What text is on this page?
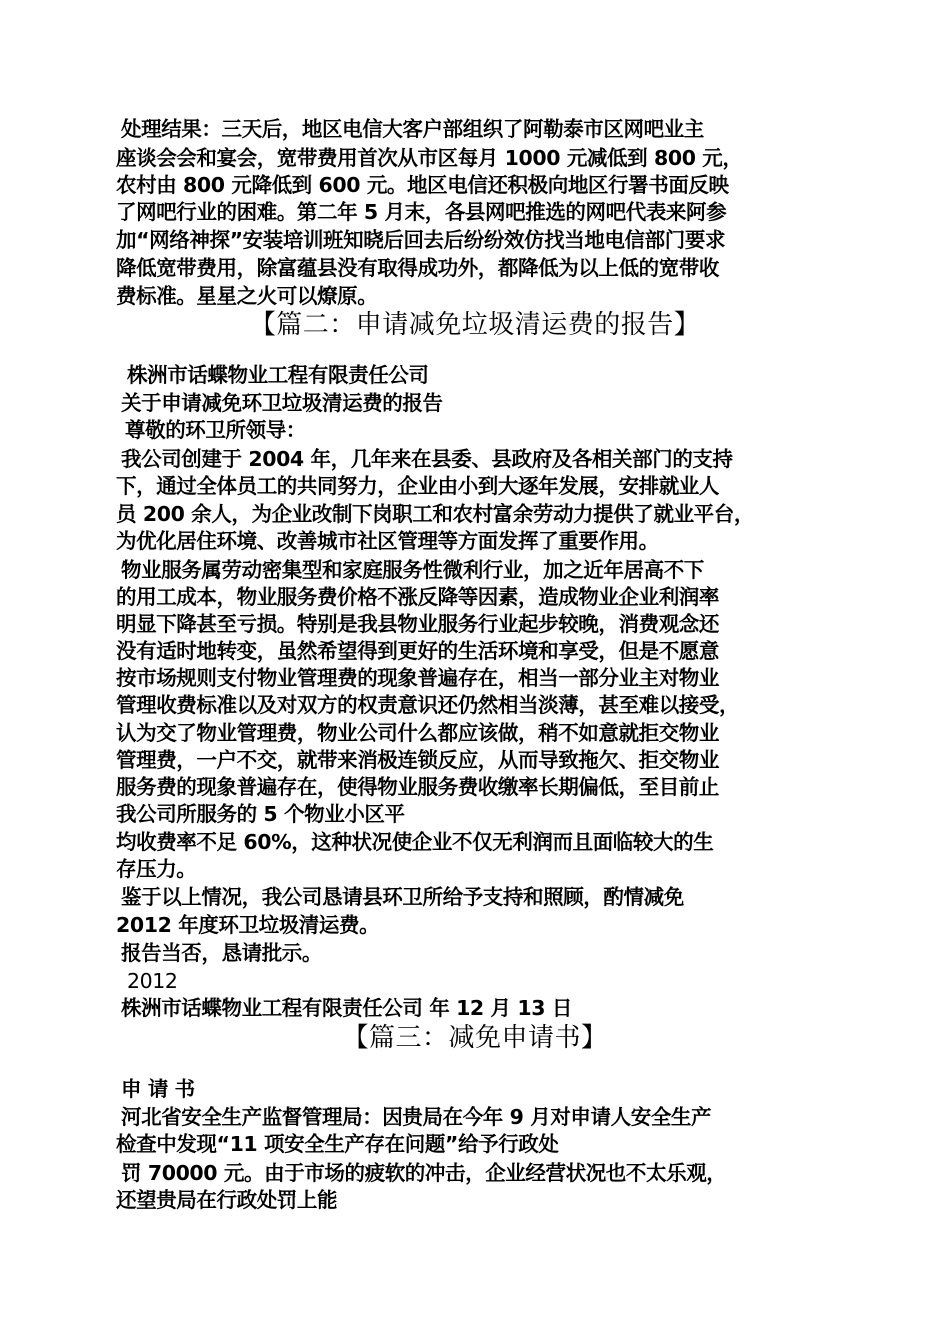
处理结果：三天后，地区电信大客户部组织了阿勒泰市区网吧业主
座谈会会和宴会，宽带费用首次从市区每月 1000 元减低到 800 元，
农村由 800 元降低到 600 元。地区电信还积极向地区行署书面反映
了网吧行业的困难。第二年 5 月末，各县网吧推选的网吧代表来阿参
加“网络神探”安装培训班知晓后回去后纷纷效仿找当地电信部门要求
降低宽带费用，除富蕴县没有取得成功外，都降低为以上低的宽带收
费标准。星星之火可以燎原。
【篇二：申请减免垃圾清运费的报告】
株洲市话蝶物业工程有限责任公司
关于申请减免环卫垃圾清运费的报告
尊敬的环卫所领导：
我公司创建于 2004 年，几年来在县委、县政府及各相关部门的支持
下，通过全体员工的共同努力，企业由小到大逐年发展，安排就业人
员 200 余人，为企业改制下岗职工和农村富余劳动力提供了就业平台，
为优化居住环境、改善城市社区管理等方面发挥了重要作用。
物业服务属劳动密集型和家庭服务性微利行业，加之近年居高不下
的用工成本，物业服务费价格不涨反降等因素，造成物业企业利润率
明显下降甚至亏损。特别是我县物业服务行业起步较晚，消费观念还
没有适时地转变，虽然希望得到更好的生活环境和享受，但是不愿意
按市场规则支付物业管理费的现象普遍存在，相当一部分业主对物业
管理收费标准以及对双方的权责意识还仍然相当淡薄，甚至难以接受，
认为交了物业管理费，物业公司什么都应该做，稍不如意就拒交物业
管理费，一户不交，就带来消极连锁反应，从而导致拖欠、拒交物业
服务费的现象普遍存在，使得物业服务费收缴率长期偏低，至目前止
我公司所服务的 5 个物业小区平
均收费率不足 60%，这种状况使企业不仅无利润而且面临较大的生
存压力。
鉴于以上情况，我公司恳请县环卫所给予支持和照顾，酌情减免
2012 年度环卫垃圾清运费。
报告当否，恳请批示。
2012
株洲市话蝶物业工程有限责任公司 年 12 月 13 日
【篇三：减免申请书】
申 请 书
河北省安全生产监督管理局：因贵局在今年 9 月对申请人安全生产
检查中发现“11 项安全生产存在问题”给予行政处
罚 70000 元。由于市场的疲软的冲击，企业经营状况也不太乐观，
还望贵局在行政处罚上能
